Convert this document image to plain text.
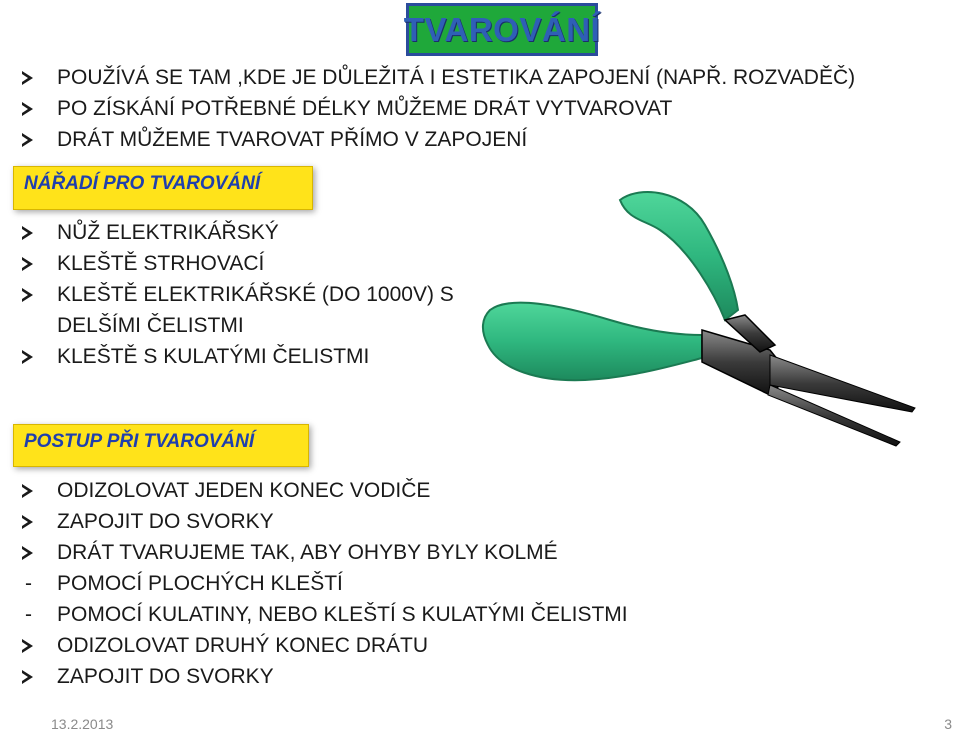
TVAROVÁNÍ
POUŽÍVÁ SE TAM ,KDE JE DŮLEŽITÁ I ESTETIKA ZAPOJENÍ (NAPŘ. ROZVADĚČ)
PO ZÍSKÁNÍ POTŘEBNÉ DÉLKY MŮŽEME DRÁT VYTVAROVAT
DRÁT MŮŽEME TVAROVAT PŘÍMO V ZAPOJENÍ
NÁŘADÍ PRO TVAROVÁNÍ
NŮŽ ELEKTRIKÁŘSKÝ
KLEŠTĚ STRHOVACÍ
KLEŠTĚ ELEKTRIKÁŘSKÉ (DO 1000V) S
DELŠÍMI ČELISTMI
KLEŠTĚ S KULATÝMI ČELISTMI
POSTUP PŘI TVAROVÁNÍ
ODIZOLOVAT JEDEN KONEC VODIČE
ZAPOJIT DO SVORKY
DRÁT TVARUJEME TAK, ABY OHYBY BYLY KOLMÉ
-	POMOCÍ PLOCHÝCH KLEŠTÍ
-	POMOCÍ KULATINY, NEBO KLEŠTÍ S KULATÝMI ČELISTMI
ODIZOLOVAT DRUHÝ KONEC DRÁTU
ZAPOJIT DO SVORKY
13.2.2013	3
